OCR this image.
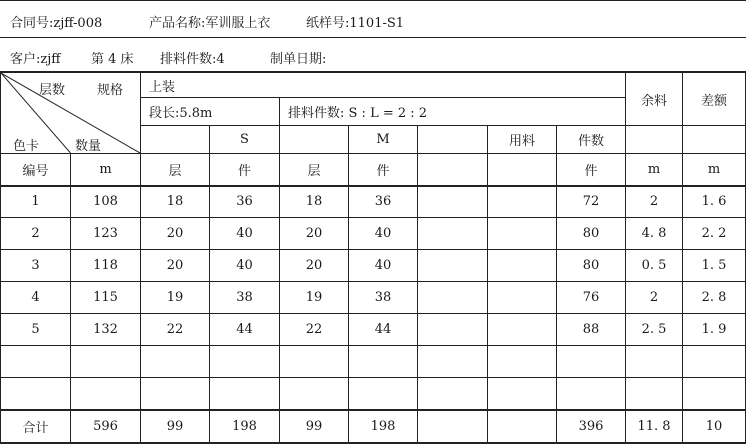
合同号:zjff-008	产品名称:军训服上衣	纸样号:1101-S1
客户:zjff 第 4 床 排料件数:4	制单日期:
层数 规格
色卡 数量		上装							余料	差额
		段长:5.8m		排料件数: S : L = 2 : 2						
			S		M		用料	件数		
编号	m	层	件	层	件			件	m	m
1	108	18	36	18	36			72	2	1. 6
2	123	20	40	20	40			80	4. 8	2. 2
3	118	20	40	20	40			80	0. 5	1. 5
4	115	19	38	19	38			76	2	2. 8
5	132	22	44	22	44			88	2. 5	1. 9

合计	596	99	198	99	198			396	11. 8	10
